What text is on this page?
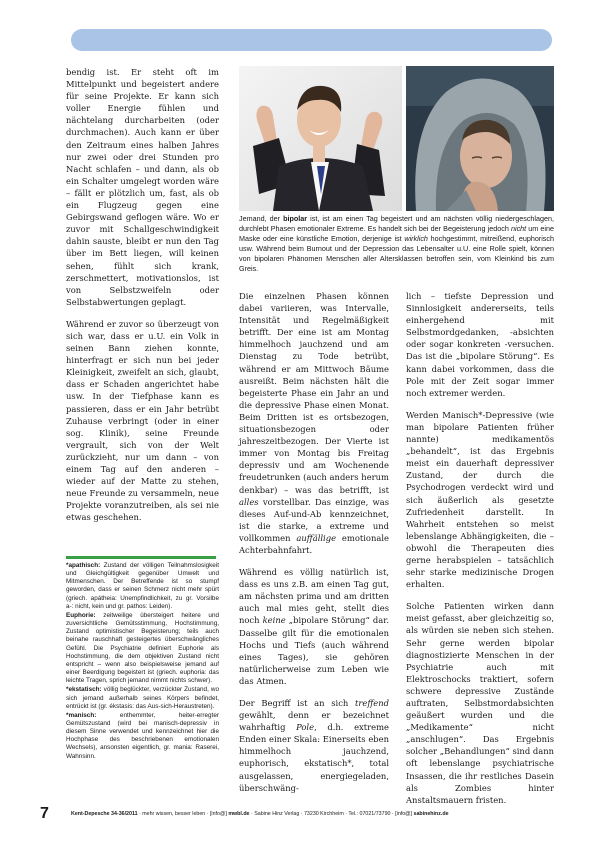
bendig ist. Er steht oft im Mittelpunkt und begeistert andere für seine Projekte. Er kann sich voller Energie fühlen und nächtelang durcharbeiten (oder durchmachen). Auch kann er über den Zeitraum eines halben Jahres nur zwei oder drei Stunden pro Nacht schlafen – und dann, als ob ein Schalter umgelegt worden wäre – fällt er plötzlich um, fast, als ob ein Flugzeug gegen eine Gebirgswand geflogen wäre. Wo er zuvor mit Schallgeschwindigkeit dahin sauste, bleibt er nun den Tag über im Bett liegen, will keinen sehen, fühlt sich krank, zerschmettert, motivationslos, ist von Selbstzweifeln oder Selbstabwertungen geplagt.

Während er zuvor so überzeugt von sich war, dass er u.U. ein Volk in seinen Bann ziehen konnte, hinterfragt er sich nun bei jeder Kleinigkeit, zweifelt an sich, glaubt, dass er Schaden angerichtet habe usw. In der Tiefphase kann es passieren, dass er ein Jahr betrübt Zuhause verbringt (oder in einer sog. Klinik), seine Freunde vergrault, sich von der Welt zurückzieht, nur um dann – von einem Tag auf den anderen – wieder auf der Matte zu stehen, neue Freunde zu versammeln, neue Projekte voranzutreiben, als sei nie etwas geschehen.

Jemand, der bipolar ist, ist am einen Tag begeistert und am nächsten völlig niedergeschlagen, durchlebt Phasen emotionaler Extreme. Es handelt sich bei der Begeisterung jedoch nicht um eine Maske oder eine künstliche Emotion, derjenige ist wirklich hochgestimmt, mitreißend, euphorisch usw. Während beim Burnout und der Depression das Lebensalter u.U. eine Rolle spielt, können von bipolaren Phänomen Menschen aller Altersklassen betroffen sein, vom Kleinkind bis zum Greis.

Die einzelnen Phasen können dabei variieren, was Intervalle, Intensität und Regelmäßigkeit betrifft. Der eine ist am Montag himmelhoch jauchzend und am Dienstag zu Tode betrübt, während er am Mittwoch Bäume ausreißt. Beim nächsten hält die begeisterte Phase ein Jahr an und die depressive Phase einen Monat. Beim Dritten ist es ortsbezogen, situationsbezogen oder jahreszeitbezogen. Der Vierte ist immer von Montag bis Freitag depressiv und am Wochenende freudetrunken (auch anders herum denkbar) – was das betrifft, ist alles vorstellbar. Das einzige, was dieses Auf-und-Ab kennzeichnet, ist die starke, a extreme und vollkommen auffällige emotionale Achterbahnfahrt.

Während es völlig natürlich ist, dass es uns z.B. am einen Tag gut, am nächsten prima und am dritten auch mal mies geht, stellt dies noch keine „bipolare Störung“ dar. Dasselbe gilt für die emotionalen Hochs und Tiefs (auch während eines Tages), sie gehören natürlicherweise zum Leben wie das Atmen.

Der Begriff ist an sich treffend gewählt, denn er bezeichnet wahrhaftig Pole, d.h. extreme Enden einer Skala: Einerseits eben himmelhoch jauchzend, euphorisch, ekstatisch*, total ausgelassen, energiegeladen, überschwäng-

lich – tiefste Depression und Sinnlosigkeit andererseits, teils einhergehend mit Selbstmordgedanken, -absichten oder sogar konkreten -versuchen. Das ist die „bipolare Störung“. Es kann dabei vorkommen, dass die Pole mit der Zeit sogar immer noch extremer werden.

Werden Manisch*-Depressive (wie man bipolare Patienten früher nannte) medikamentös „behandelt“, ist das Ergebnis meist ein dauerhaft depressiver Zustand, der durch die Psychodrogen verdeckt wird und sich äußerlich als gesetzte Zufriedenheit darstellt. In Wahrheit entstehen so meist lebenslange Abhängigkeiten, die – obwohl die Therapeuten dies gerne herabspielen – tatsächlich sehr starke medizinische Drogen erhalten.

Solche Patienten wirken dann meist gefasst, aber gleichzeitig so, als würden sie neben sich stehen. Sehr gerne werden bipolar diagnostizierte Menschen in der Psychiatrie auch mit Elektroschocks traktiert, sofern schwere depressive Zustände auftraten, Selbstmordabsichten geäußert wurden und die „Medikamente“ nicht „anschlugen“. Das Ergebnis solcher „Behandlungen“ sind dann oft lebenslange psychiatrische Insassen, die ihr restliches Dasein als Zombies hinter Anstaltsmauern fristen.

*apathisch: Zustand der völligen Teilnahmslosigkeit und Gleichgültigkeit gegenüber Umwelt und Mitmenschen. Der Betreffende ist so stumpf geworden, dass er seinen Schmerz nicht mehr spürt (griech. apátheia: Unempfindlichkeit, zu gr. Vorsilbe a-: nicht, kein und gr. pathos: Leiden).

Euphorie: zeitweilige übersteigert heitere und zuversichtliche Gemütsstimmung, Hochstimmung, Zustand optimistischer Begeisterung; teils auch beinahe rauschhaft gesteigertes überschwängliches Gefühl. Die Psychiatrie definiert Euphorie als Hochstimmung, die dem objektiven Zustand nicht entspricht – wenn also beispielsweise jemand auf einer Beerdigung begeistert ist (griech. euphoria: das leichte Tragen, sprich jemand nimmt nichts schwer).

*ekstatisch: völlig beglückter, verzückter Zustand, wo sich jemand außerhalb seines Körpers befindet, entrückt ist (gr. ékstasis: das Aus-sich-Heraustreten).

*manisch: enthemmter, heiter-erregter Gemütszustand (wird bei manisch-depressiv in diesem Sinne verwendet und kennzeichnet hier die Hochphase des beschriebenen emotionalen Wechsels), ansonsten eigentlich, gr. mania: Raserei, Wahnsinn.

7	Kent-Depesche 34-36/2011 · mehr wissen, besser leben · [info@] mwbl.de · Sabine Hinz Verlag · 73230 Kirchheim · Tel.: 07021/73790 · [info@] sabinehinz.de
